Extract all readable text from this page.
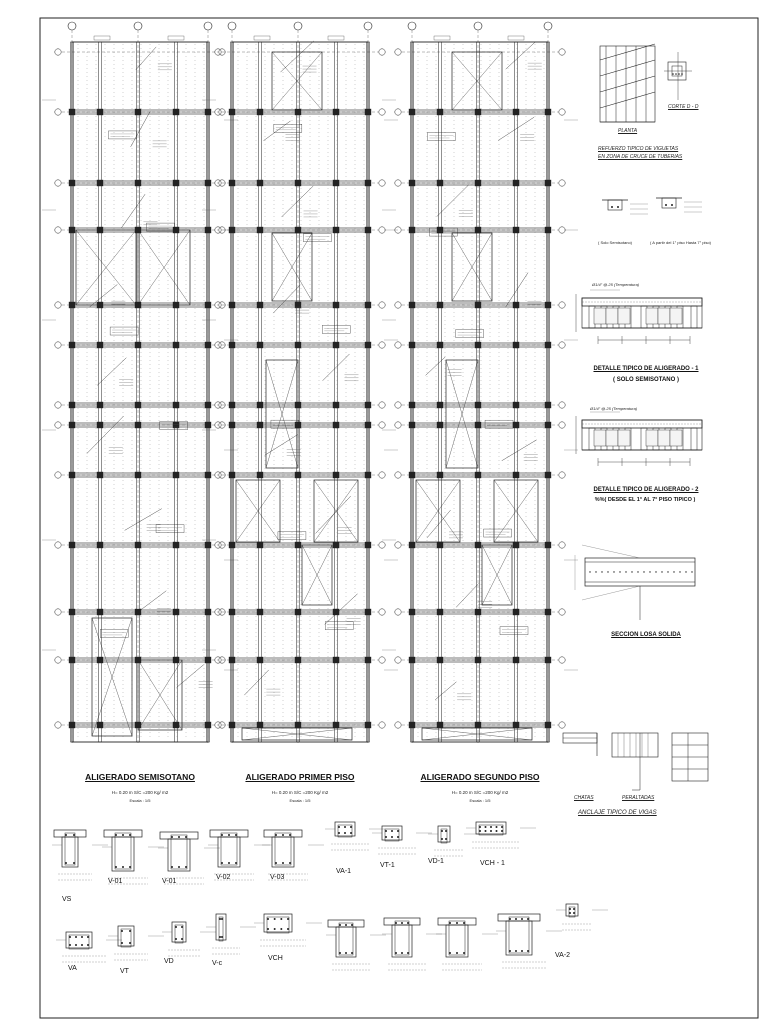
ALIGERADO SEMISOTANO
H= 0.20 m S/C =200 Kg/ m2
Escala : 1/5
ALIGERADO PRIMER PISO
H= 0.20 m S/C =200 Kg/ m2
Escala : 1/5
ALIGERADO SEGUNDO PISO
H= 0.20 m S/C =200 Kg/ m2
Escala : 1/5
PLANTA
CORTE D - D
REFUERZO TIPICO DE VIGUETAS
EN ZONA DE CRUCE DE TUBERIAS
( Solo Semisotano)	( A partir del 1° piso Hasta 7° piso)
Ø1/4" @.25 (Temperatura)
DETALLE TIPICO DE ALIGERADO - 1
( SOLO SEMISOTANO )
Ø1/4" @.25 (Temperatura)
DETALLE TIPICO DE ALIGERADO - 2
%%( DESDE EL 1° AL 7° PISO TIPICO )
SECCION LOSA SOLIDA
CHATAS	PERALTADAS
ANCLAJE TIPICO DE VIGAS
VS
V-01	V-01
V-02	V-03
VA-1
VT-1
VD-1	VCH - 1
VA	VT
VD	V-c
VCH	VA-2
